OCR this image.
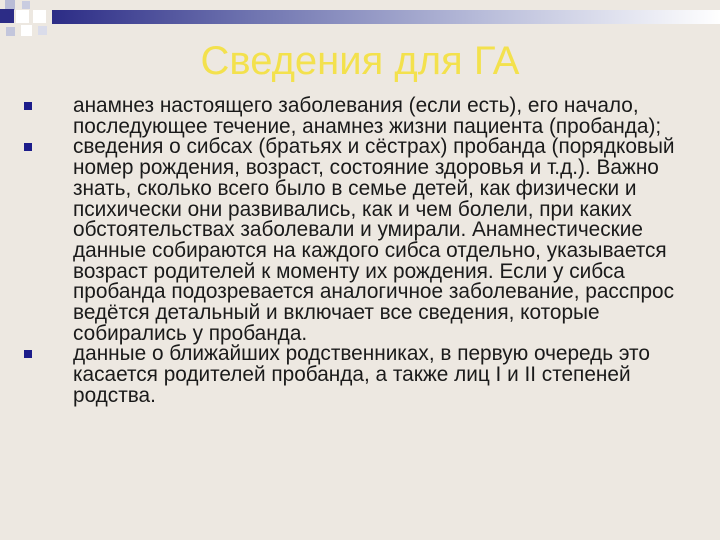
Сведения для ГА
анамнез настоящего заболевания (если есть), его начало, последующее течение, анамнез жизни пациента (пробанда);
сведения о сибсах (братьях и сёстрах) пробанда (порядковый номер рождения, возраст, состояние здоровья и т.д.). Важно знать, сколько всего было в семье детей, как физически и психически они развивались, как и чем болели, при каких обстоятельствах заболевали и умирали. Анамнестические данные собираются на каждого сибса отдельно, указывается возраст родителей к моменту их рождения. Если у сибса пробанда подозревается аналогичное заболевание, расспрос ведётся детальный и включает все сведения, которые собирались у пробанда.
данные о ближайших родственниках, в первую очередь это касается родителей пробанда, а также лиц I и II степеней родства.
